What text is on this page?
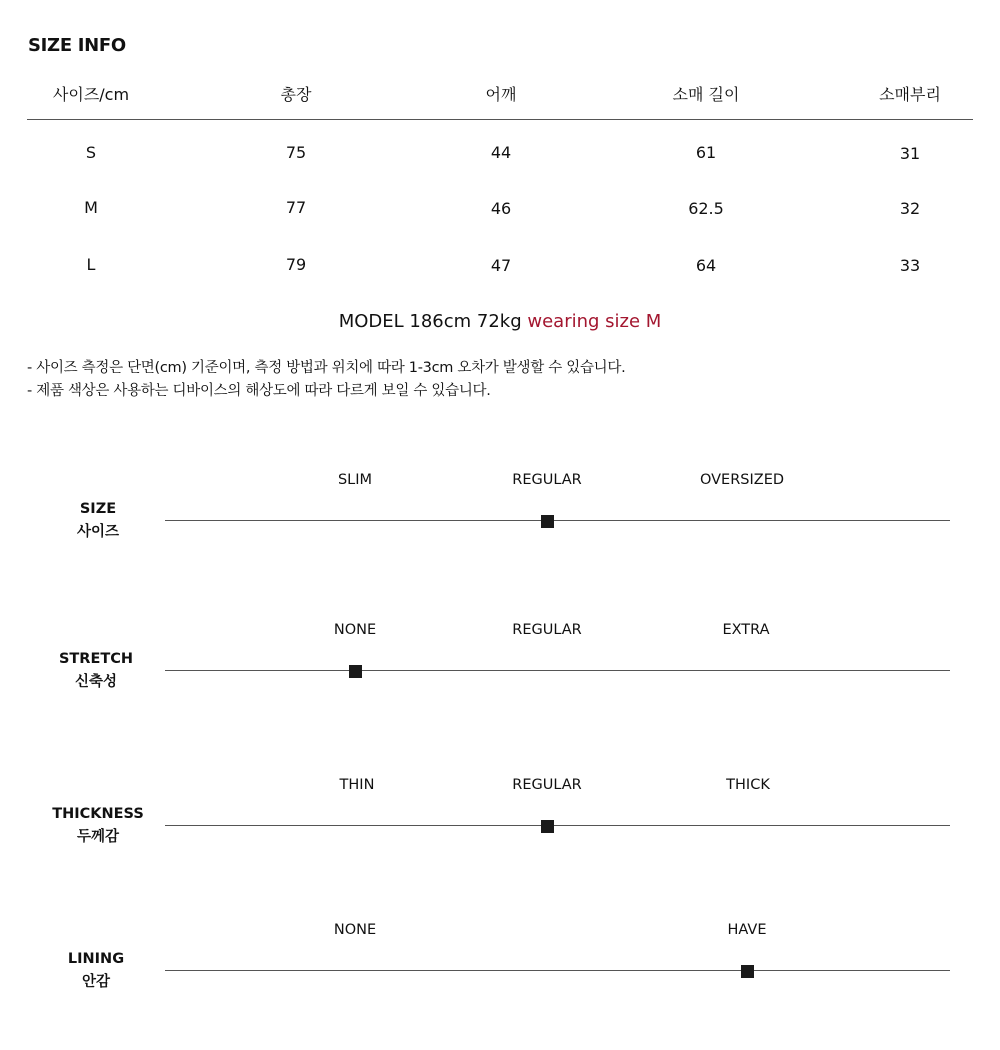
SIZE INFO
사이즈/cm	총장	어깨	소매 길이	소매부리
S	75	44	61	31
M	77	46	62.5	32
L	79	47	64	33
MODEL 186cm 72kg wearing size M
- 사이즈 측정은 단면(cm) 기준이며, 측정 방법과 위치에 따라 1-3cm 오차가 발생할 수 있습니다.
- 제품 색상은 사용하는 디바이스의 해상도에 따라 다르게 보일 수 있습니다.
SIZE
사이즈
SLIM	REGULAR	OVERSIZED
STRETCH
신축성
NONE	REGULAR	EXTRA
THICKNESS
두께감
THIN	REGULAR	THICK
LINING
안감
NONE	HAVE
